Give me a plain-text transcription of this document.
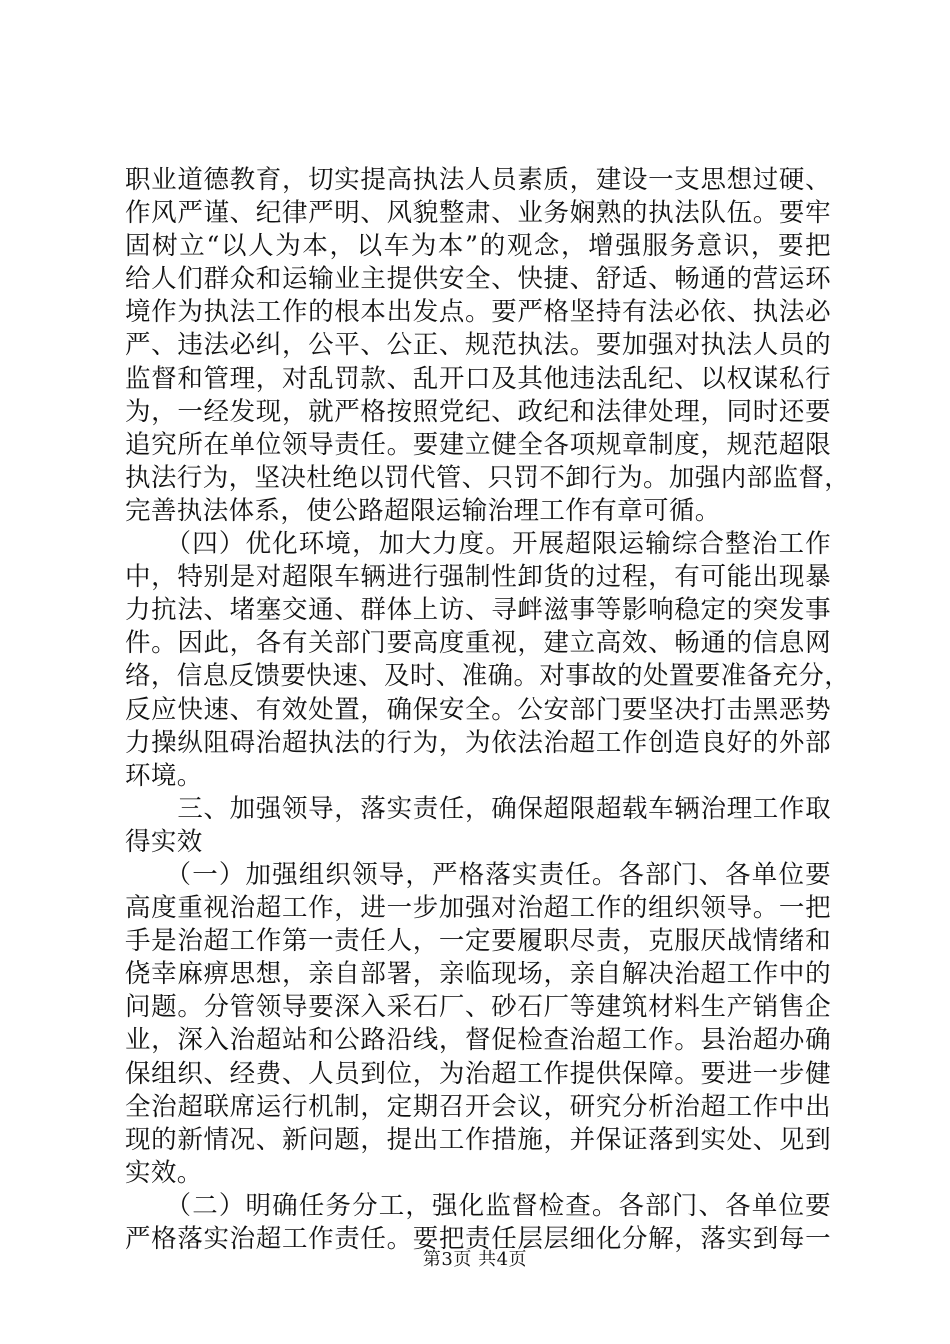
职业道德教育，切实提高执法人员素质，建设一支思想过硬、
作风严谨、纪律严明、风貌整肃、业务娴熟的执法队伍。要牢
固树立“以人为本，以车为本”的观念，增强服务意识，要把
给人们群众和运输业主提供安全、快捷、舒适、畅通的营运环
境作为执法工作的根本出发点。要严格坚持有法必依、执法必
严、违法必纠，公平、公正、规范执法。要加强对执法人员的
监督和管理，对乱罚款、乱开口及其他违法乱纪、以权谋私行
为，一经发现，就严格按照党纪、政纪和法律处理，同时还要
追究所在单位领导责任。要建立健全各项规章制度，规范超限
执法行为，坚决杜绝以罚代管、只罚不卸行为。加强内部监督，
完善执法体系，使公路超限运输治理工作有章可循。
　　（四）优化环境，加大力度。开展超限运输综合整治工作
中，特别是对超限车辆进行强制性卸货的过程，有可能出现暴
力抗法、堵塞交通、群体上访、寻衅滋事等影响稳定的突发事
件。因此，各有关部门要高度重视，建立高效、畅通的信息网
络，信息反馈要快速、及时、准确。对事故的处置要准备充分，
反应快速、有效处置，确保安全。公安部门要坚决打击黑恶势
力操纵阻碍治超执法的行为，为依法治超工作创造良好的外部
环境。
　　三、加强领导，落实责任，确保超限超载车辆治理工作取
得实效
　　（一）加强组织领导，严格落实责任。各部门、各单位要
高度重视治超工作，进一步加强对治超工作的组织领导。一把
手是治超工作第一责任人，一定要履职尽责，克服厌战情绪和
侥幸麻痹思想，亲自部署，亲临现场，亲自解决治超工作中的
问题。分管领导要深入采石厂、砂石厂等建筑材料生产销售企
业，深入治超站和公路沿线，督促检查治超工作。县治超办确
保组织、经费、人员到位，为治超工作提供保障。要进一步健
全治超联席运行机制，定期召开会议，研究分析治超工作中出
现的新情况、新问题，提出工作措施，并保证落到实处、见到
实效。
　　（二）明确任务分工，强化监督检查。各部门、各单位要
严格落实治超工作责任。要把责任层层细化分解，落实到每一
第3页 共4页
